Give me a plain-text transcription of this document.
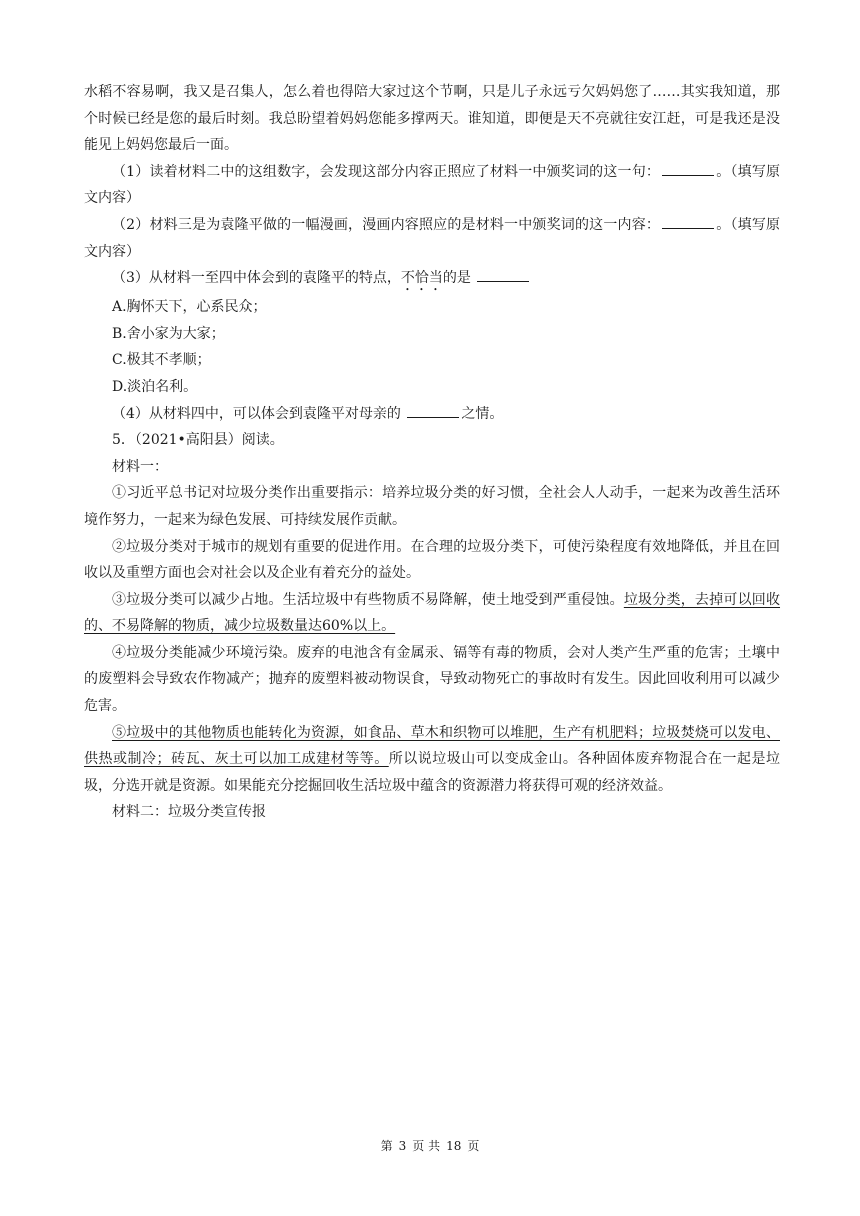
水稻不容易啊，我又是召集人，怎么着也得陪大家过这个节啊，只是儿子永远亏欠妈妈您了……其实我知道，那个时候已经是您的最后时刻。我总盼望着妈妈您能多撑两天。谁知道，即便是天不亮就往安江赶，可是我还是没能见上妈妈您最后一面。

（1）读着材料二中的这组数字，会发现这部分内容正照应了材料一中颁奖词的这一句：	。（填写原文内容）

（2）材料三是为袁隆平做的一幅漫画，漫画内容照应的是材料一中颁奖词的这一内容：	。（填写原文内容）

（3）从材料一至四中体会到的袁隆平的特点，不恰当的是

A.胸怀天下，心系民众；

B.舍小家为大家；

C.极其不孝顺；

D.淡泊名利。

（4）从材料四中，可以体会到袁隆平对母亲的	之情。

5．（2021•高阳县）阅读。

材料一：

①习近平总书记对垃圾分类作出重要指示：培养垃圾分类的好习惯，全社会人人动手，一起来为改善生活环境作努力，一起来为绿色发展、可持续发展作贡献。

②垃圾分类对于城市的规划有重要的促进作用。在合理的垃圾分类下，可使污染程度有效地降低，并且在回收以及重塑方面也会对社会以及企业有着充分的益处。

③垃圾分类可以减少占地。生活垃圾中有些物质不易降解，使土地受到严重侵蚀。垃圾分类，去掉可以回收的、不易降解的物质，减少垃圾数量达60%以上。

④垃圾分类能减少环境污染。废弃的电池含有金属汞、镉等有毒的物质，会对人类产生严重的危害；土壤中的废塑料会导致农作物减产；抛弃的废塑料被动物误食，导致动物死亡的事故时有发生。因此回收利用可以减少危害。

⑤垃圾中的其他物质也能转化为资源，如食品、草木和织物可以堆肥，生产有机肥料；垃圾焚烧可以发电、供热或制冷；砖瓦、灰土可以加工成建材等等。所以说垃圾山可以变成金山。各种固体废弃物混合在一起是垃圾，分选开就是资源。如果能充分挖掘回收生活垃圾中蕴含的资源潜力将获得可观的经济效益。

材料二：垃圾分类宣传报

第 3 页 共 18 页
